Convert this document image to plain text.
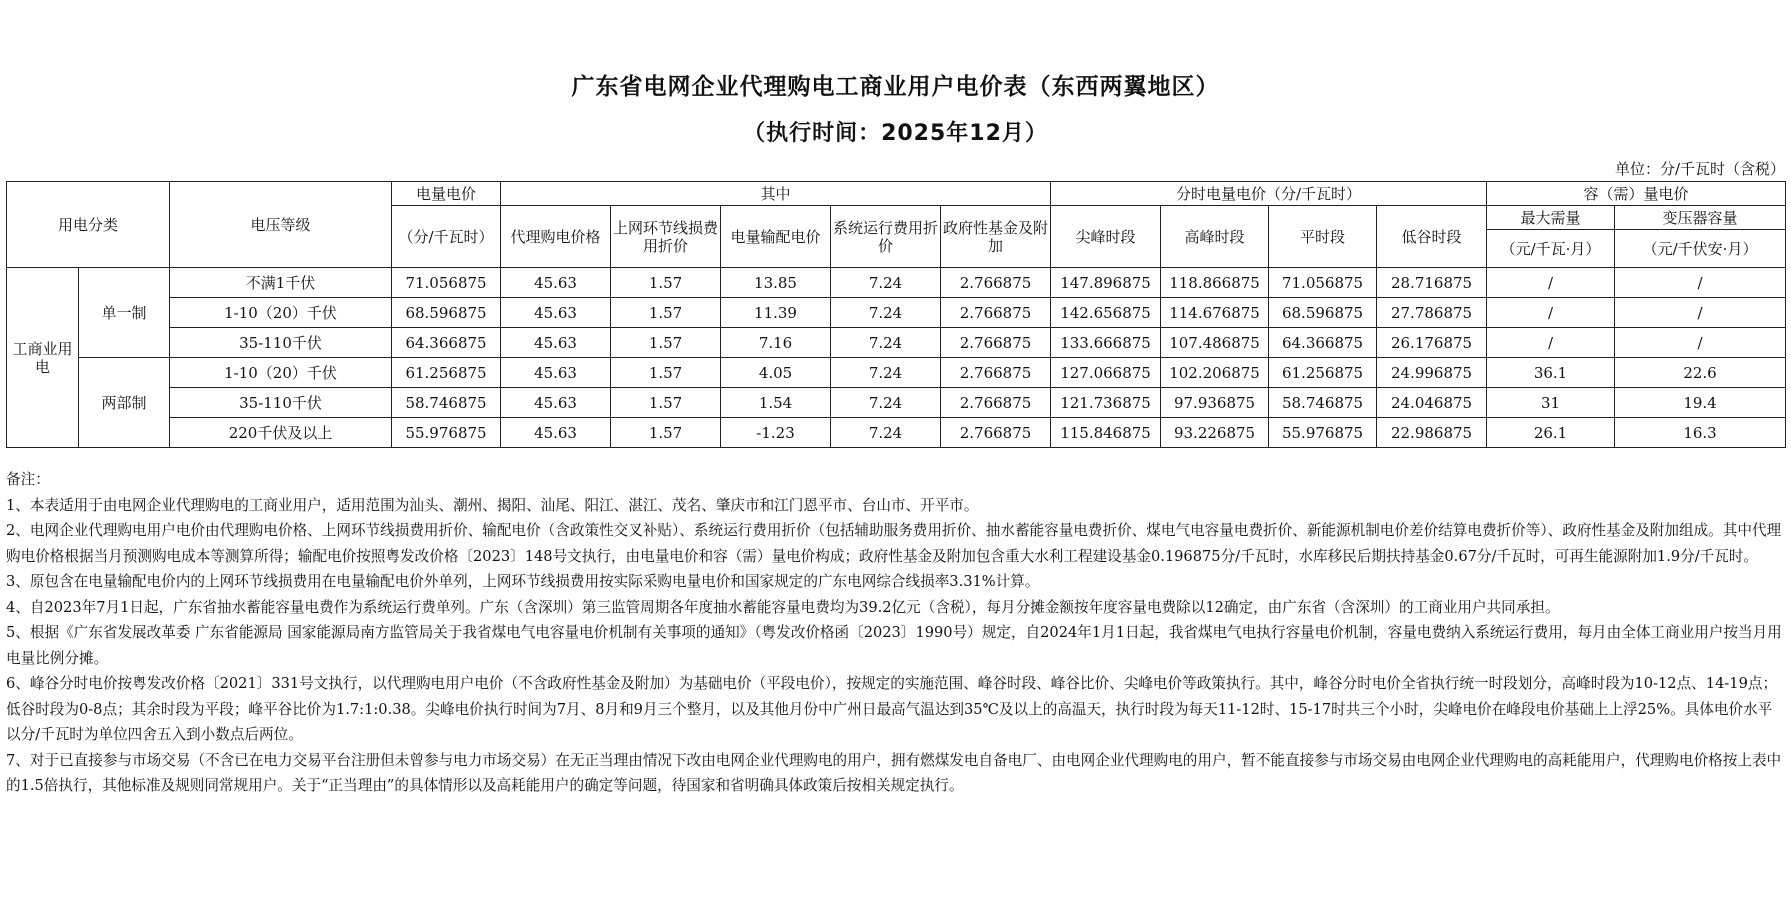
广东省电网企业代理购电工商业用户电价表（东西两翼地区）
（执行时间：2025年12月）
单位：分/千瓦时（含税）
用电分类		电压等级	电量电价	其中					分时电量电价（分/千瓦时）				容（需）量电价	
			（分/千瓦时）	代理购电价格	上网环节线损费用折价	电量输配电价	系统运行费用折价	政府性基金及附加	尖峰时段	高峰时段	平时段	低谷时段	最大需量	变压器容量
													（元/千瓦·月）	（元/千伏安·月）
工商业用电	单一制	不满1千伏	71.056875	45.63	1.57	13.85	7.24	2.766875	147.896875	118.866875	71.056875	28.716875	/	/
		1-10（20）千伏	68.596875	45.63	1.57	11.39	7.24	2.766875	142.656875	114.676875	68.596875	27.786875	/	/
		35-110千伏	64.366875	45.63	1.57	7.16	7.24	2.766875	133.666875	107.486875	64.366875	26.176875	/	/
	两部制	1-10（20）千伏	61.256875	45.63	1.57	4.05	7.24	2.766875	127.066875	102.206875	61.256875	24.996875	36.1	22.6
		35-110千伏	58.746875	45.63	1.57	1.54	7.24	2.766875	121.736875	97.936875	58.746875	24.046875	31	19.4
		220千伏及以上	55.976875	45.63	1.57	-1.23	7.24	2.766875	115.846875	93.226875	55.976875	22.986875	26.1	16.3

备注：

1、本表适用于由电网企业代理购电的工商业用户，适用范围为汕头、潮州、揭阳、汕尾、阳江、湛江、茂名、肇庆市和江门恩平市、台山市、开平市。

2、电网企业代理购电用户电价由代理购电价格、上网环节线损费用折价、输配电价（含政策性交叉补贴）、系统运行费用折价（包括辅助服务费用折价、抽水蓄能容量电费折价、煤电气电容量电费折价、新能源机制电价差价结算电费折价等）、政府性基金及附加组成。其中代理购电价格根据当月预测购电成本等测算所得；输配电价按照粤发改价格〔2023〕148号文执行，由电量电价和容（需）量电价构成；政府性基金及附加包含重大水利工程建设基金0.196875分/千瓦时，水库移民后期扶持基金0.67分/千瓦时，可再生能源附加1.9分/千瓦时。

3、原包含在电量输配电价内的上网环节线损费用在电量输配电价外单列，上网环节线损费用按实际采购电量电价和国家规定的广东电网综合线损率3.31%计算。

4、自2023年7月1日起，广东省抽水蓄能容量电费作为系统运行费单列。广东（含深圳）第三监管周期各年度抽水蓄能容量电费均为39.2亿元（含税），每月分摊金额按年度容量电费除以12确定，由广东省（含深圳）的工商业用户共同承担。

5、根据《广东省发展改革委 广东省能源局 国家能源局南方监管局关于我省煤电气电容量电价机制有关事项的通知》（粤发改价格函〔2023〕1990号）规定，自2024年1月1日起，我省煤电气电执行容量电价机制，容量电费纳入系统运行费用，每月由全体工商业用户按当月用电量比例分摊。

6、峰谷分时电价按粤发改价格〔2021〕331号文执行，以代理购电用户电价（不含政府性基金及附加）为基础电价（平段电价），按规定的实施范围、峰谷时段、峰谷比价、尖峰电价等政策执行。其中，峰谷分时电价全省执行统一时段划分，高峰时段为10-12点、14-19点；低谷时段为0-8点；其余时段为平段；峰平谷比价为1.7:1:0.38。尖峰电价执行时间为7月、8月和9月三个整月，以及其他月份中广州日最高气温达到35℃及以上的高温天，执行时段为每天11-12时、15-17时共三个小时，尖峰电价在峰段电价基础上上浮25%。具体电价水平以分/千瓦时为单位四舍五入到小数点后两位。

7、对于已直接参与市场交易（不含已在电力交易平台注册但未曾参与电力市场交易）在无正当理由情况下改由电网企业代理购电的用户，拥有燃煤发电自备电厂、由电网企业代理购电的用户，暂不能直接参与市场交易由电网企业代理购电的高耗能用户，代理购电价格按上表中的1.5倍执行，其他标准及规则同常规用户。关于“正当理由”的具体情形以及高耗能用户的确定等问题，待国家和省明确具体政策后按相关规定执行。
